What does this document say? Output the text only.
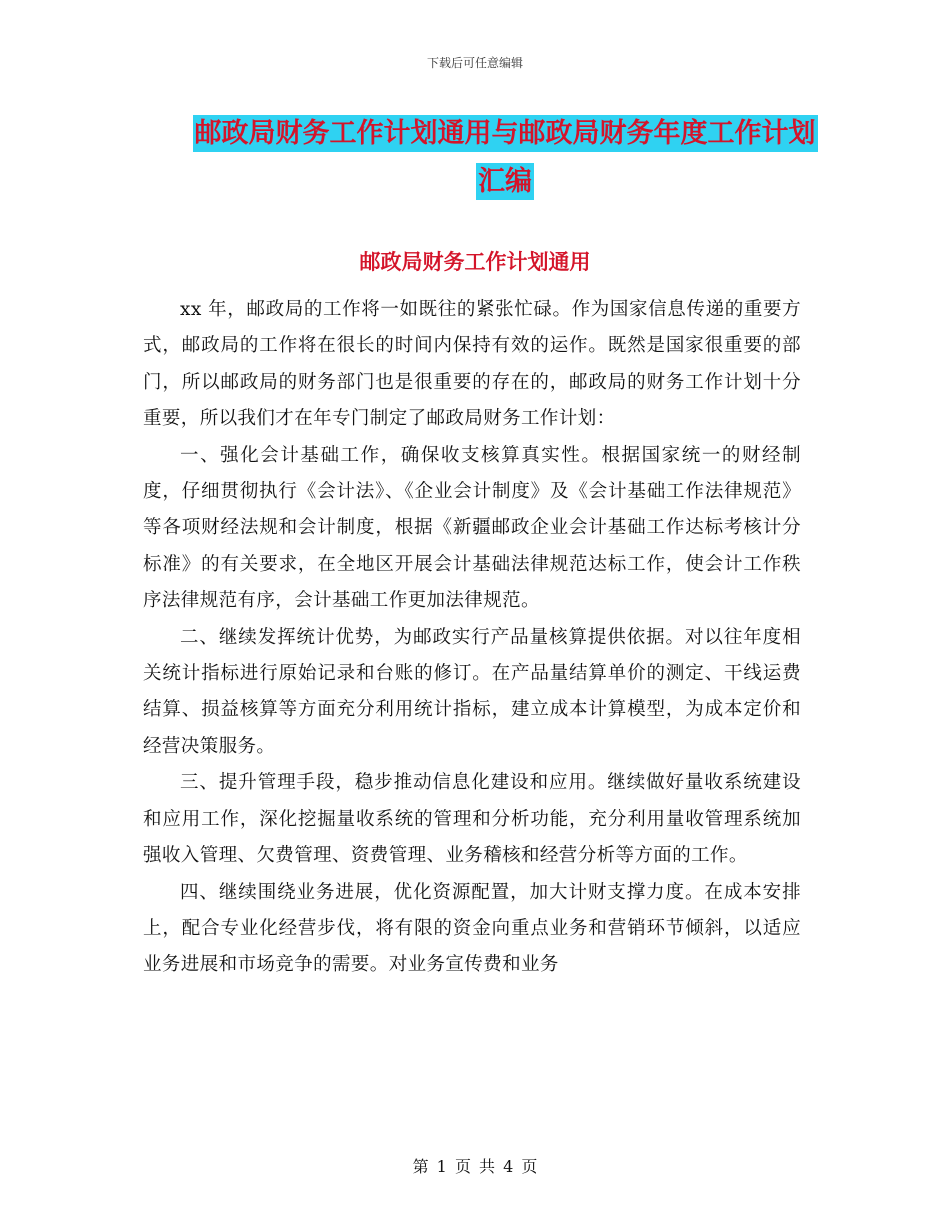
下载后可任意编辑
邮政局财务工作计划通用与邮政局财务年度工作计划汇编
邮政局财务工作计划通用

xx 年，邮政局的工作将一如既往的紧张忙碌。作为国家信息传递的重要方式，邮政局的工作将在很长的时间内保持有效的运作。既然是国家很重要的部门，所以邮政局的财务部门也是很重要的存在的，邮政局的财务工作计划十分重要，所以我们才在年专门制定了邮政局财务工作计划：

一、强化会计基础工作，确保收支核算真实性。根据国家统一的财经制度，仔细贯彻执行《会计法》、《企业会计制度》及《会计基础工作法律规范》等各项财经法规和会计制度，根据《新疆邮政企业会计基础工作达标考核计分标准》的有关要求，在全地区开展会计基础法律规范达标工作，使会计工作秩序法律规范有序，会计基础工作更加法律规范。

二、继续发挥统计优势，为邮政实行产品量核算提供依据。对以往年度相关统计指标进行原始记录和台账的修订。在产品量结算单价的测定、干线运费结算、损益核算等方面充分利用统计指标，建立成本计算模型，为成本定价和经营决策服务。

三、提升管理手段，稳步推动信息化建设和应用。继续做好量收系统建设和应用工作，深化挖掘量收系统的管理和分析功能，充分利用量收管理系统加强收入管理、欠费管理、资费管理、业务稽核和经营分析等方面的工作。

四、继续围绕业务进展，优化资源配置，加大计财支撑力度。在成本安排上，配合专业化经营步伐，将有限的资金向重点业务和营销环节倾斜，以适应业务进展和市场竞争的需要。对业务宣传费和业务

第 1 页 共 4 页
